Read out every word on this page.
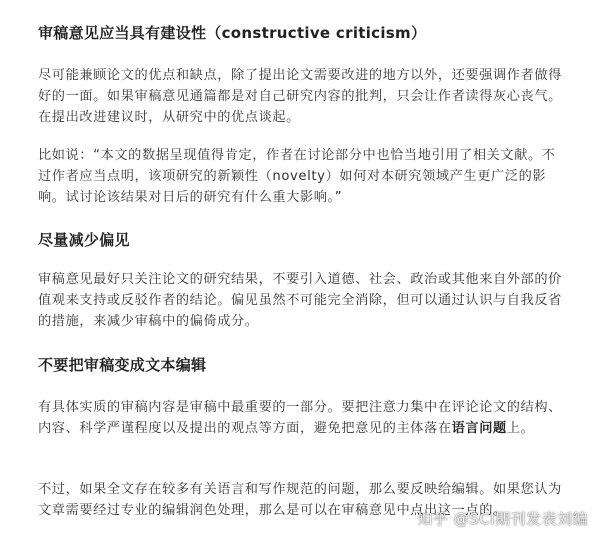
审稿意见应当具有建设性（constructive criticism）

尽可能兼顾论文的优点和缺点，除了提出论文需要改进的地方以外，还要强调作者做得好的一面。如果审稿意见通篇都是对自己研究内容的批判，只会让作者读得灰心丧气。在提出改进建议时，从研究中的优点谈起。

比如说：“本文的数据呈现值得肯定，作者在讨论部分中也恰当地引用了相关文献。不过作者应当点明，该项研究的新颖性（novelty）如何对本研究领域产生更广泛的影响。试讨论该结果对日后的研究有什么重大影响。”

尽量减少偏见

审稿意见最好只关注论文的研究结果，不要引入道德、社会、政治或其他来自外部的价值观来支持或反驳作者的结论。偏见虽然不可能完全消除，但可以通过认识与自我反省的措施，来减少审稿中的偏倚成分。

不要把审稿变成文本编辑

有具体实质的审稿内容是审稿中最重要的一部分。要把注意力集中在评论论文的结构、内容、科学严谨程度以及提出的观点等方面，避免把意见的主体落在语言问题上。

不过，如果全文存在较多有关语言和写作规范的问题，那么要反映给编辑。如果您认为文章需要经过专业的编辑润色处理，那么是可以在审稿意见中点出这一点的。

知乎 @SCI期刊发表刘编
